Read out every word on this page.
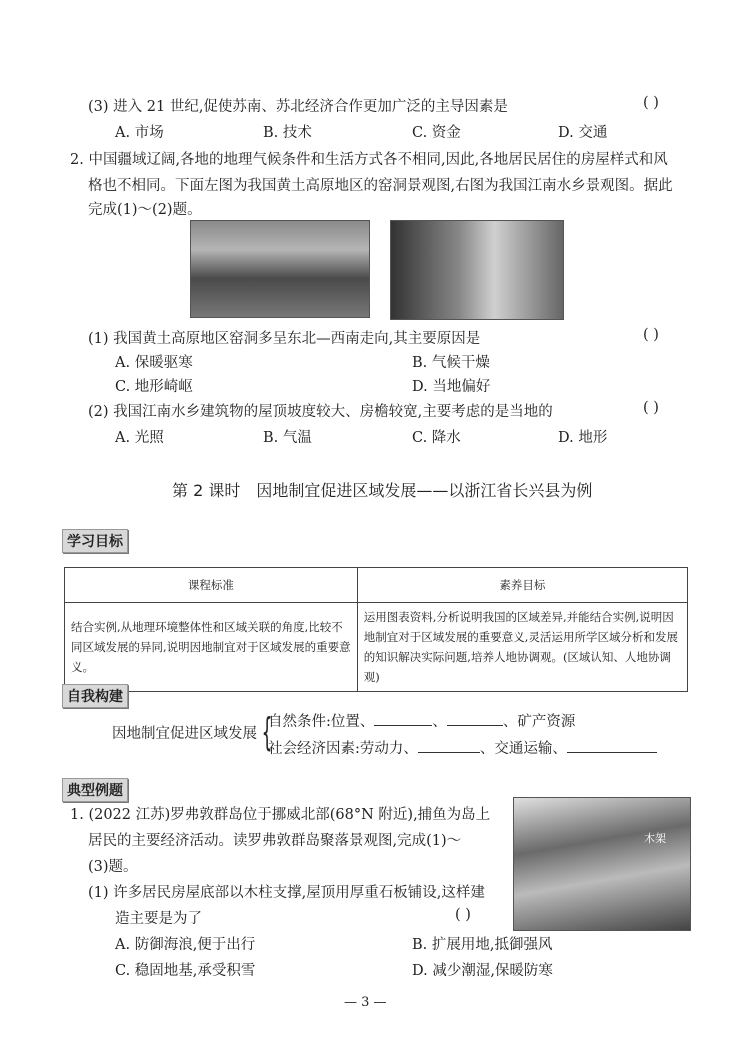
(3) 进入 21 世纪,促使苏南、苏北经济合作更加广泛的主导因素是	( )
A. 市场	B. 技术	C. 资金	D. 交通
2. 中国疆域辽阔,各地的地理气候条件和生活方式各不相同,因此,各地居民居住的房屋样式和风
格也不相同。下面左图为我国黄土高原地区的窑洞景观图,右图为我国江南水乡景观图。据此
完成(1)～(2)题。
(1) 我国黄土高原地区窑洞多呈东北—西南走向,其主要原因是	( )
A. 保暖驱寒	B. 气候干燥
C. 地形崎岖	D. 当地偏好
(2) 我国江南水乡建筑物的屋顶坡度较大、房檐较宽,主要考虑的是当地的	( )
A. 光照	B. 气温	C. 降水	D. 地形
第 2 课时　因地制宜促进区域发展——以浙江省长兴县为例
学习目标
课程标准	素养目标
结合实例,从地理环境整体性和区域关联的角度,比较不同区域发展的异同,说明因地制宜对于区域发展的重要意义。	运用图表资料,分析说明我国的区域差异,并能结合实例,说明因地制宜对于区域发展的重要意义,灵活运用所学区域分析和发展的知识解决实际问题,培养人地协调观。(区域认知、人地协调观)
自我构建
因地制宜促进区域发展 {
自然条件:位置、	、	、矿产资源
社会经济因素:劳动力、	、交通运输、
典型例题
1. (2022 江苏)罗弗敦群岛位于挪威北部(68°N 附近),捕鱼为岛上
居民的主要经济活动。读罗弗敦群岛聚落景观图,完成(1)～
(3)题。
(1) 许多居民房屋底部以木柱支撑,屋顶用厚重石板铺设,这样建
造主要是为了	( )
A. 防御海浪,便于出行	B. 扩展用地,抵御强风
C. 稳固地基,承受积雪	D. 减少潮湿,保暖防寒
木架
— 3 —
